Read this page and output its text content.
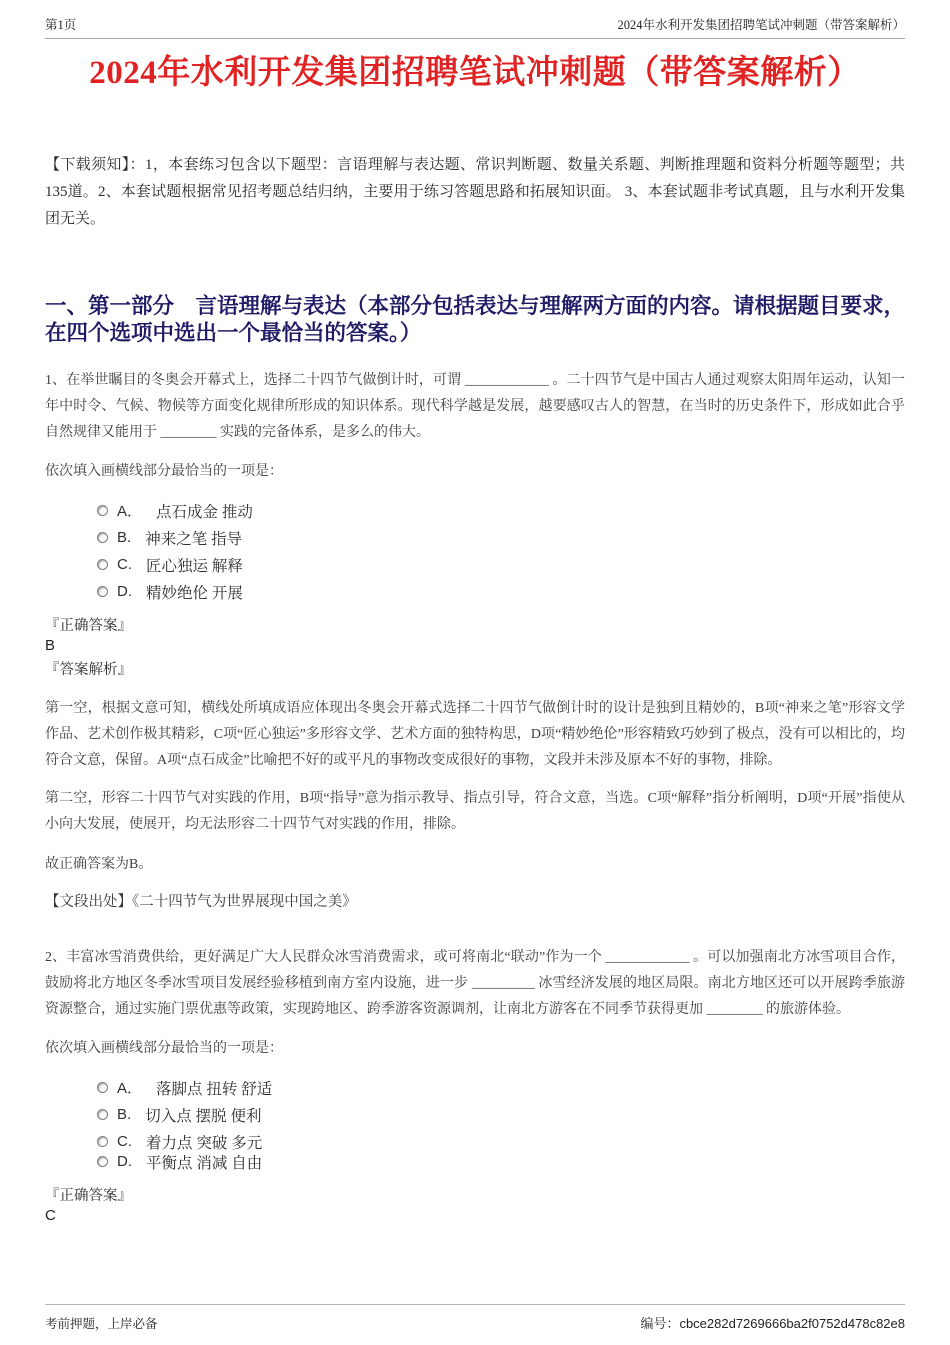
第1页	2024年水利开发集团招聘笔试冲刺题（带答案解析）
2024年水利开发集团招聘笔试冲刺题（带答案解析）

【下载须知】：1，本套练习包含以下题型：言语理解与表达题、常识判断题、数量关系题、判断推理题和资料分析题等题型；共135道。2、本套试题根据常见招考题总结归纳，主要用于练习答题思路和拓展知识面。 3、本套试题非考试真题，且与水利开发集团无关。

一、第一部分　言语理解与表达（本部分包括表达与理解两方面的内容。请根据题目要求，在四个选项中选出一个最恰当的答案。）

1、在举世瞩目的冬奥会开幕式上，选择二十四节气做倒计时，可谓 ____________ 。二十四节气是中国古人通过观察太阳周年运动，认知一年中时令、气候、物候等方面变化规律所形成的知识体系。现代科学越是发展，越要感叹古人的智慧，在当时的历史条件下，形成如此合乎自然规律又能用于 ________ 实践的完备体系，是多么的伟大。

依次填入画横线部分最恰当的一项是：

A． 点石成金 推动
B. 神来之笔 指导
C. 匠心独运 解释
D. 精妙绝伦 开展
『正确答案』
B
『答案解析』

第一空，根据文意可知，横线处所填成语应体现出冬奥会开幕式选择二十四节气做倒计时的设计是独到且精妙的，B项“神来之笔”形容文学作品、艺术创作极其精彩，C项“匠心独运”多形容文学、艺术方面的独特构思，D项“精妙绝伦”形容精致巧妙到了极点，没有可以相比的，均符合文意，保留。A项“点石成金”比喻把不好的或平凡的事物改变成很好的事物，文段并未涉及原本不好的事物，排除。

第二空，形容二十四节气对实践的作用，B项“指导”意为指示教导、指点引导，符合文意，当选。C项“解释”指分析阐明，D项“开展”指使从小向大发展，使展开，均无法形容二十四节气对实践的作用，排除。

故正确答案为B。

【文段出处】《二十四节气为世界展现中国之美》

2、丰富冰雪消费供给，更好满足广大人民群众冰雪消费需求，或可将南北“联动”作为一个 ____________ 。可以加强南北方冰雪项目合作，鼓励将北方地区冬季冰雪项目发展经验移植到南方室内设施，进一步 _________ 冰雪经济发展的地区局限。南北方地区还可以开展跨季旅游资源整合，通过实施门票优惠等政策，实现跨地区、跨季游客资源调剂，让南北方游客在不同季节获得更加 ________ 的旅游体验。

依次填入画横线部分最恰当的一项是：

A． 落脚点 扭转 舒适
B. 切入点 摆脱 便利
C. 着力点 突破 多元
D. 平衡点 消减 自由
『正确答案』
C
考前押题，上岸必备	编号：cbce282d7269666ba2f0752d478c82e8
